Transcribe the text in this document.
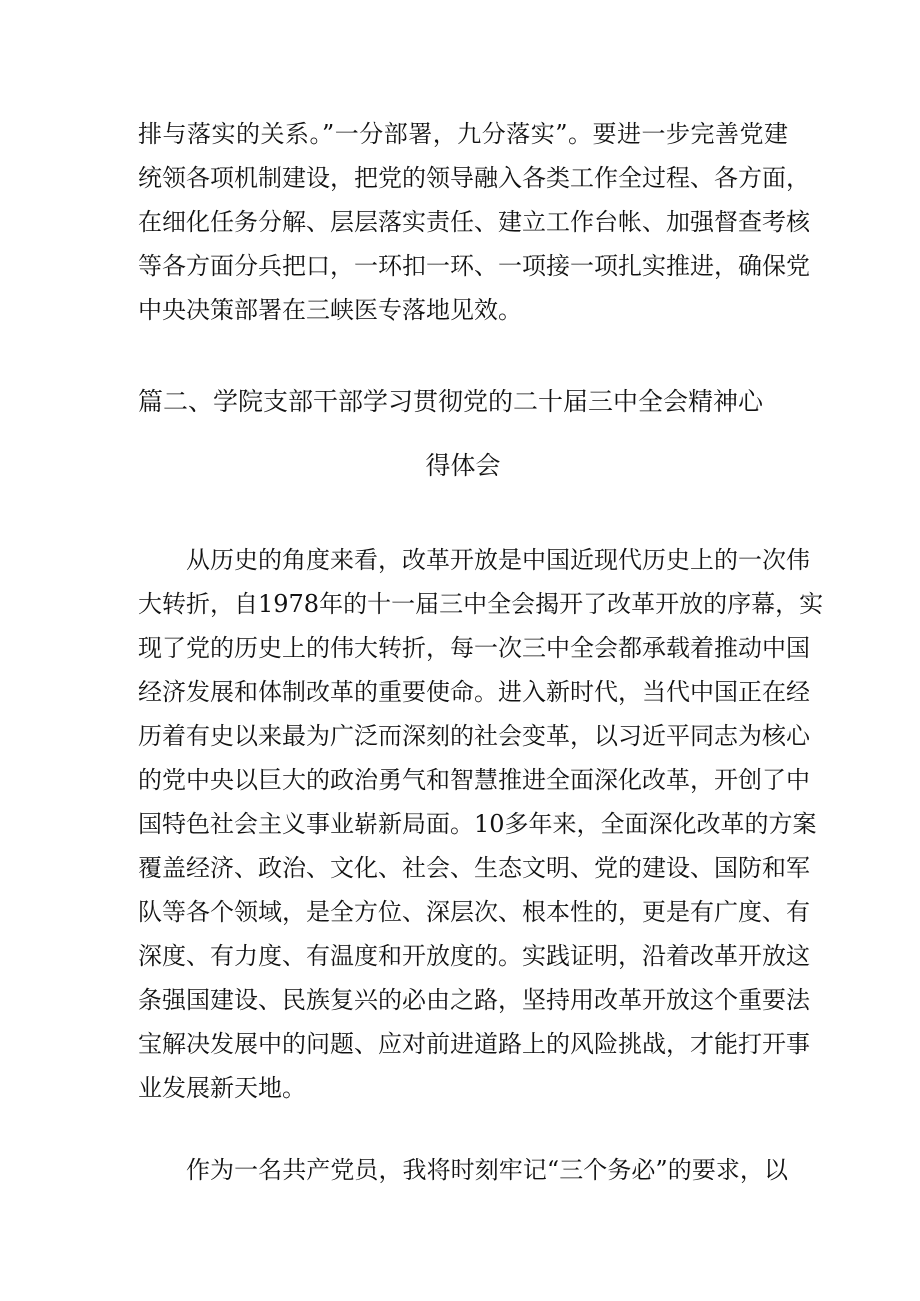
排与落实的关系。”一分部署，九分落实”。要进一步完善党建
统领各项机制建设，把党的领导融入各类工作全过程、各方面，
在细化任务分解、层层落实责任、建立工作台帐、加强督查考核
等各方面分兵把口，一环扣一环、一项接一项扎实推进，确保党
中央决策部署在三峡医专落地见效。
篇二、学院支部干部学习贯彻党的二十届三中全会精神心
得体会
从历史的角度来看，改革开放是中国近现代历史上的一次伟
大转折，自1978年的十一届三中全会揭开了改革开放的序幕，实
现了党的历史上的伟大转折，每一次三中全会都承载着推动中国
经济发展和体制改革的重要使命。进入新时代，当代中国正在经
历着有史以来最为广泛而深刻的社会变革，以习近平同志为核心
的党中央以巨大的政治勇气和智慧推进全面深化改革，开创了中
国特色社会主义事业崭新局面。10多年来，全面深化改革的方案
覆盖经济、政治、文化、社会、生态文明、党的建设、国防和军
队等各个领域，是全方位、深层次、根本性的，更是有广度、有
深度、有力度、有温度和开放度的。实践证明，沿着改革开放这
条强国建设、民族复兴的必由之路，坚持用改革开放这个重要法
宝解决发展中的问题、应对前进道路上的风险挑战，才能打开事
业发展新天地。
作为一名共产党员，我将时刻牢记“三个务必”的要求，以
